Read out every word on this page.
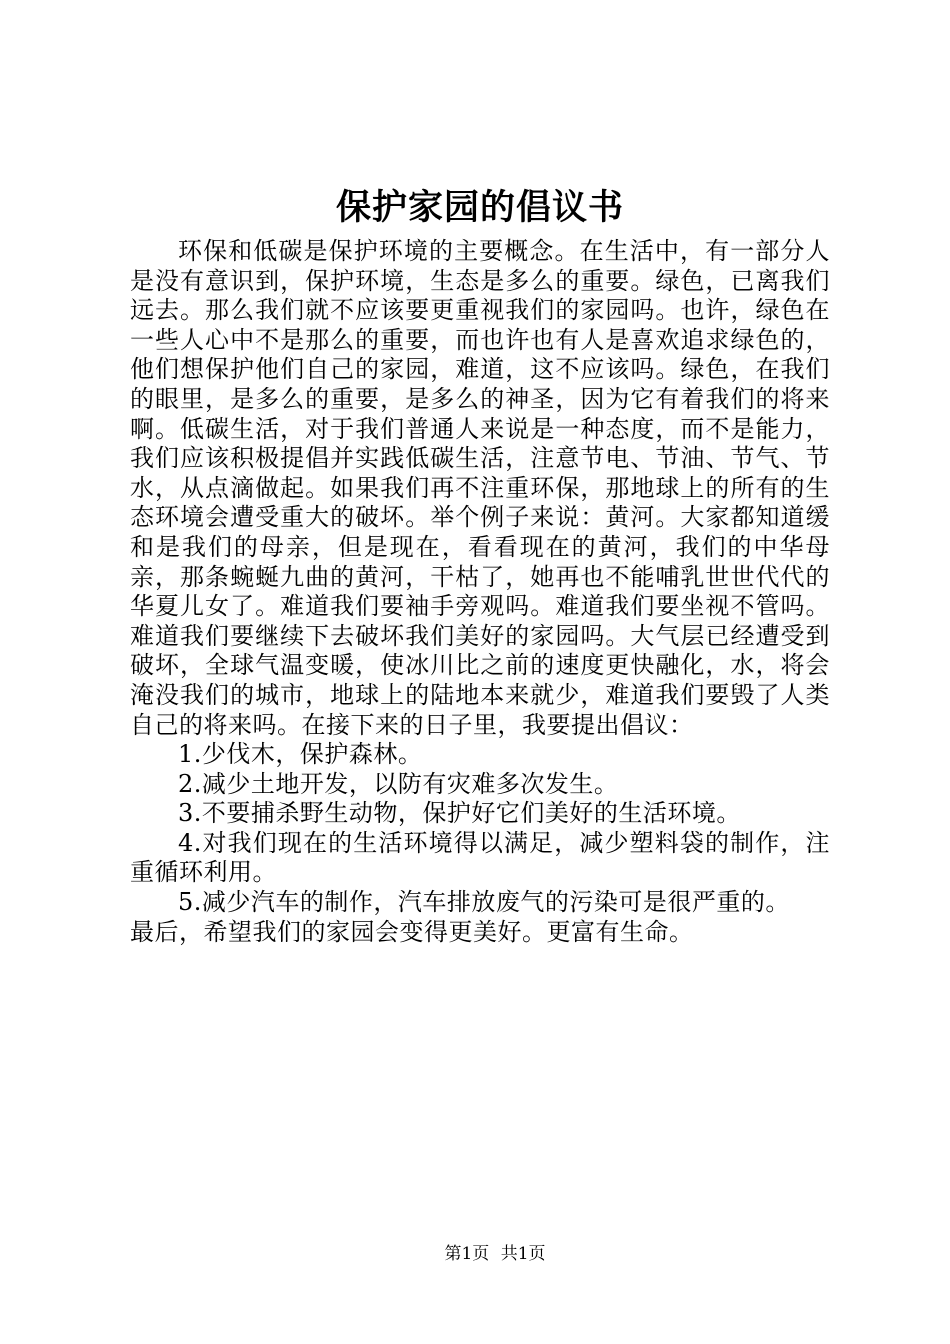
保护家园的倡议书

环保和低碳是保护环境的主要概念。在生活中，有一部分人是没有意识到，保护环境，生态是多么的重要。绿色，已离我们远去。那么我们就不应该要更重视我们的家园吗。也许，绿色在一些人心中不是那么的重要，而也许也有人是喜欢追求绿色的，他们想保护他们自己的家园，难道，这不应该吗。绿色，在我们的眼里，是多么的重要，是多么的神圣，因为它有着我们的将来啊。低碳生活，对于我们普通人来说是一种态度，而不是能力，我们应该积极提倡并实践低碳生活，注意节电、节油、节气、节水，从点滴做起。如果我们再不注重环保，那地球上的所有的生态环境会遭受重大的破坏。举个例子来说：黄河。大家都知道缓和是我们的母亲，但是现在，看看现在的黄河，我们的中华母亲，那条蜿蜒九曲的黄河，干枯了，她再也不能哺乳世世代代的华夏儿女了。难道我们要袖手旁观吗。难道我们要坐视不管吗。难道我们要继续下去破坏我们美好的家园吗。大气层已经遭受到破坏，全球气温变暖，使冰川比之前的速度更快融化，水，将会淹没我们的城市，地球上的陆地本来就少，难道我们要毁了人类自己的将来吗。在接下来的日子里，我要提出倡议：

1.少伐木，保护森林。

2.减少土地开发，以防有灾难多次发生。

3.不要捕杀野生动物，保护好它们美好的生活环境。

4.对我们现在的生活环境得以满足，减少塑料袋的制作，注重循环利用。

5.减少汽车的制作，汽车排放废气的污染可是很严重的。

最后，希望我们的家园会变得更美好。更富有生命。

第1页 共1页
